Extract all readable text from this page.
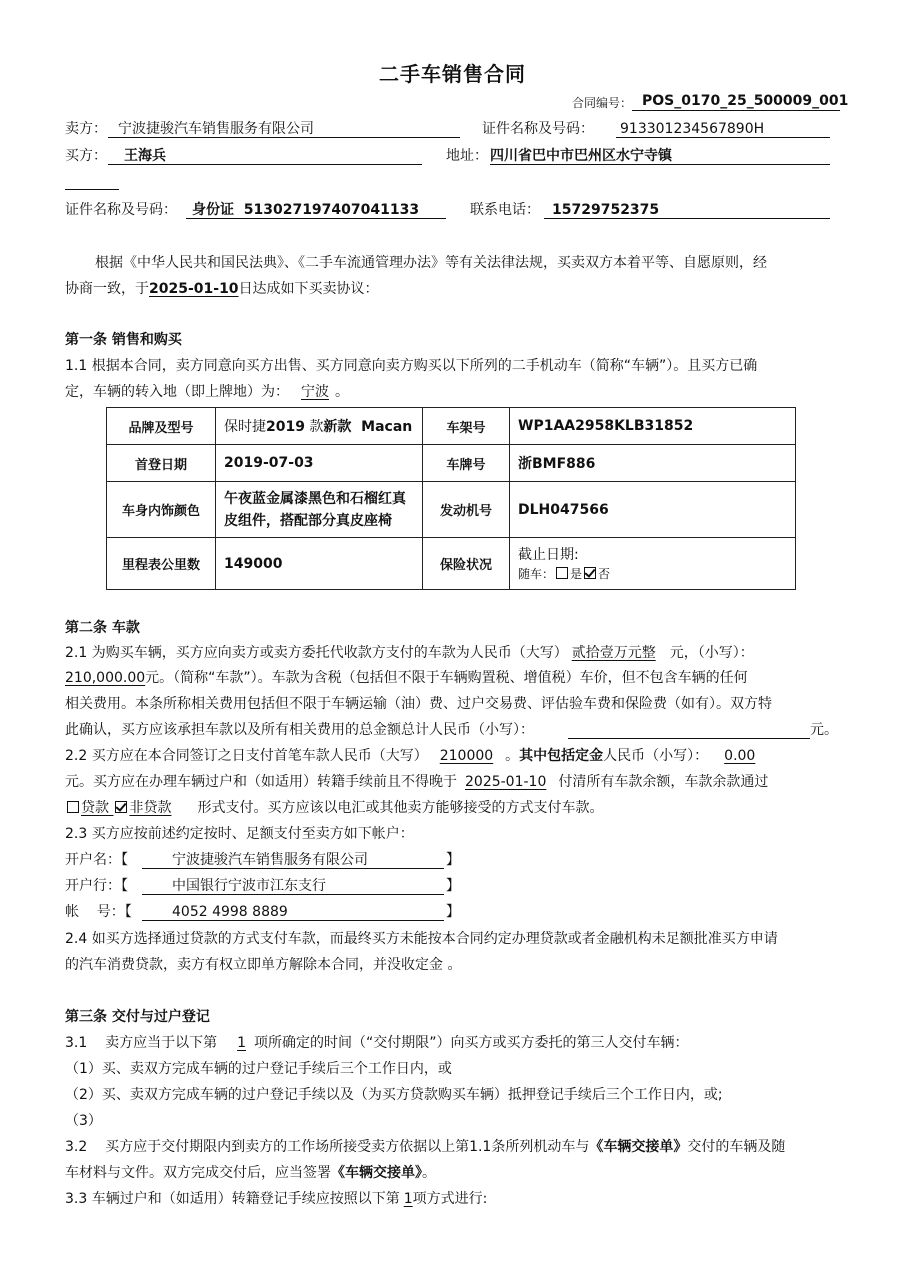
二手车销售合同
合同编号： POS_0170_25_500009_001
卖方： 宁波捷骏汽车销售服务有限公司	证件名称及号码： 913301234567890H
买方： 王海兵	地址： 四川省巴中市巴州区水宁寺镇
证件名称及号码： 身份证  513027197407041133	联系电话： 15729752375
根据《中华人民共和国民法典》、《二手车流通管理办法》等有关法律法规，买卖双方本着平等、自愿原则，经
协商一致，于2025-01-10日达成如下买卖协议：
第一条 销售和购买
1.1 根据本合同，卖方同意向买方出售、买方同意向卖方购买以下所列的二手机动车（简称“车辆”）。且买方已确
定，车辆的转入地（即上牌地）为： 宁波 。
品牌及型号	保时捷2019 款新款  Macan	车架号	WP1AA2958KLB31852
首登日期	2019-07-03	车牌号	浙BMF886
车身内饰颜色	午夜蓝金属漆黑色和石榴红真
皮组件，搭配部分真皮座椅	发动机号	DLH047566
里程表公里数	149000	保险状况	截止日期:
随车： 是 否
第二条 车款
2.1 为购买车辆，买方应向卖方或卖方委托代收款方支付的车款为人民币（大写） 贰拾壹万元整 元，（小写）：
210,000.00元。（简称“车款”）。车款为含税（包括但不限于车辆购置税、增值税）车价，但不包含车辆的任何
相关费用。本条所称相关费用包括但不限于车辆运输（油）费、过户交易费、评估验车费和保险费（如有）。双方特
此确认，买方应该承担车款以及所有相关费用的总金额总计人民币（小写）：	元。
2.2 买方应在本合同签订之日支付首笔车款人民币（大写） 210000 。其中包括定金人民币（小写）： 0.00
元。买方应在办理车辆过户和（如适用）转籍手续前且不得晚于 2025-01-10 付清所有车款余额，车款余款通过
贷款 非贷款 形式支付。买方应该以电汇或其他卖方能够接受的方式支付车款。
2.3 买方应按前述约定按时、足额支付至卖方如下帐户：
开户名：【	宁波捷骏汽车销售服务有限公司	】
开户行：【	中国银行宁波市江东支行	】
帐    号：【	4052 4998 8889	】
2.4 如买方选择通过贷款的方式支付车款，而最终买方未能按本合同约定办理贷款或者金融机构未足额批准买方申请
的汽车消费贷款，卖方有权立即单方解除本合同，并没收定金 。
第三条 交付与过户登记
3.1    卖方应当于以下第 1 项所确定的时间（“交付期限”）向买方或买方委托的第三人交付车辆：
（1）买、卖双方完成车辆的过户登记手续后三个工作日内，或
（2）买、卖双方完成车辆的过户登记手续以及（为买方贷款购买车辆）抵押登记手续后三个工作日内，或;
（3）
3.2    买方应于交付期限内到卖方的工作场所接受卖方依据以上第1.1条所列机动车与《车辆交接单》交付的车辆及随
车材料与文件。双方完成交付后，应当签署《车辆交接单》。
3.3 车辆过户和（如适用）转籍登记手续应按照以下第 1项方式进行:
